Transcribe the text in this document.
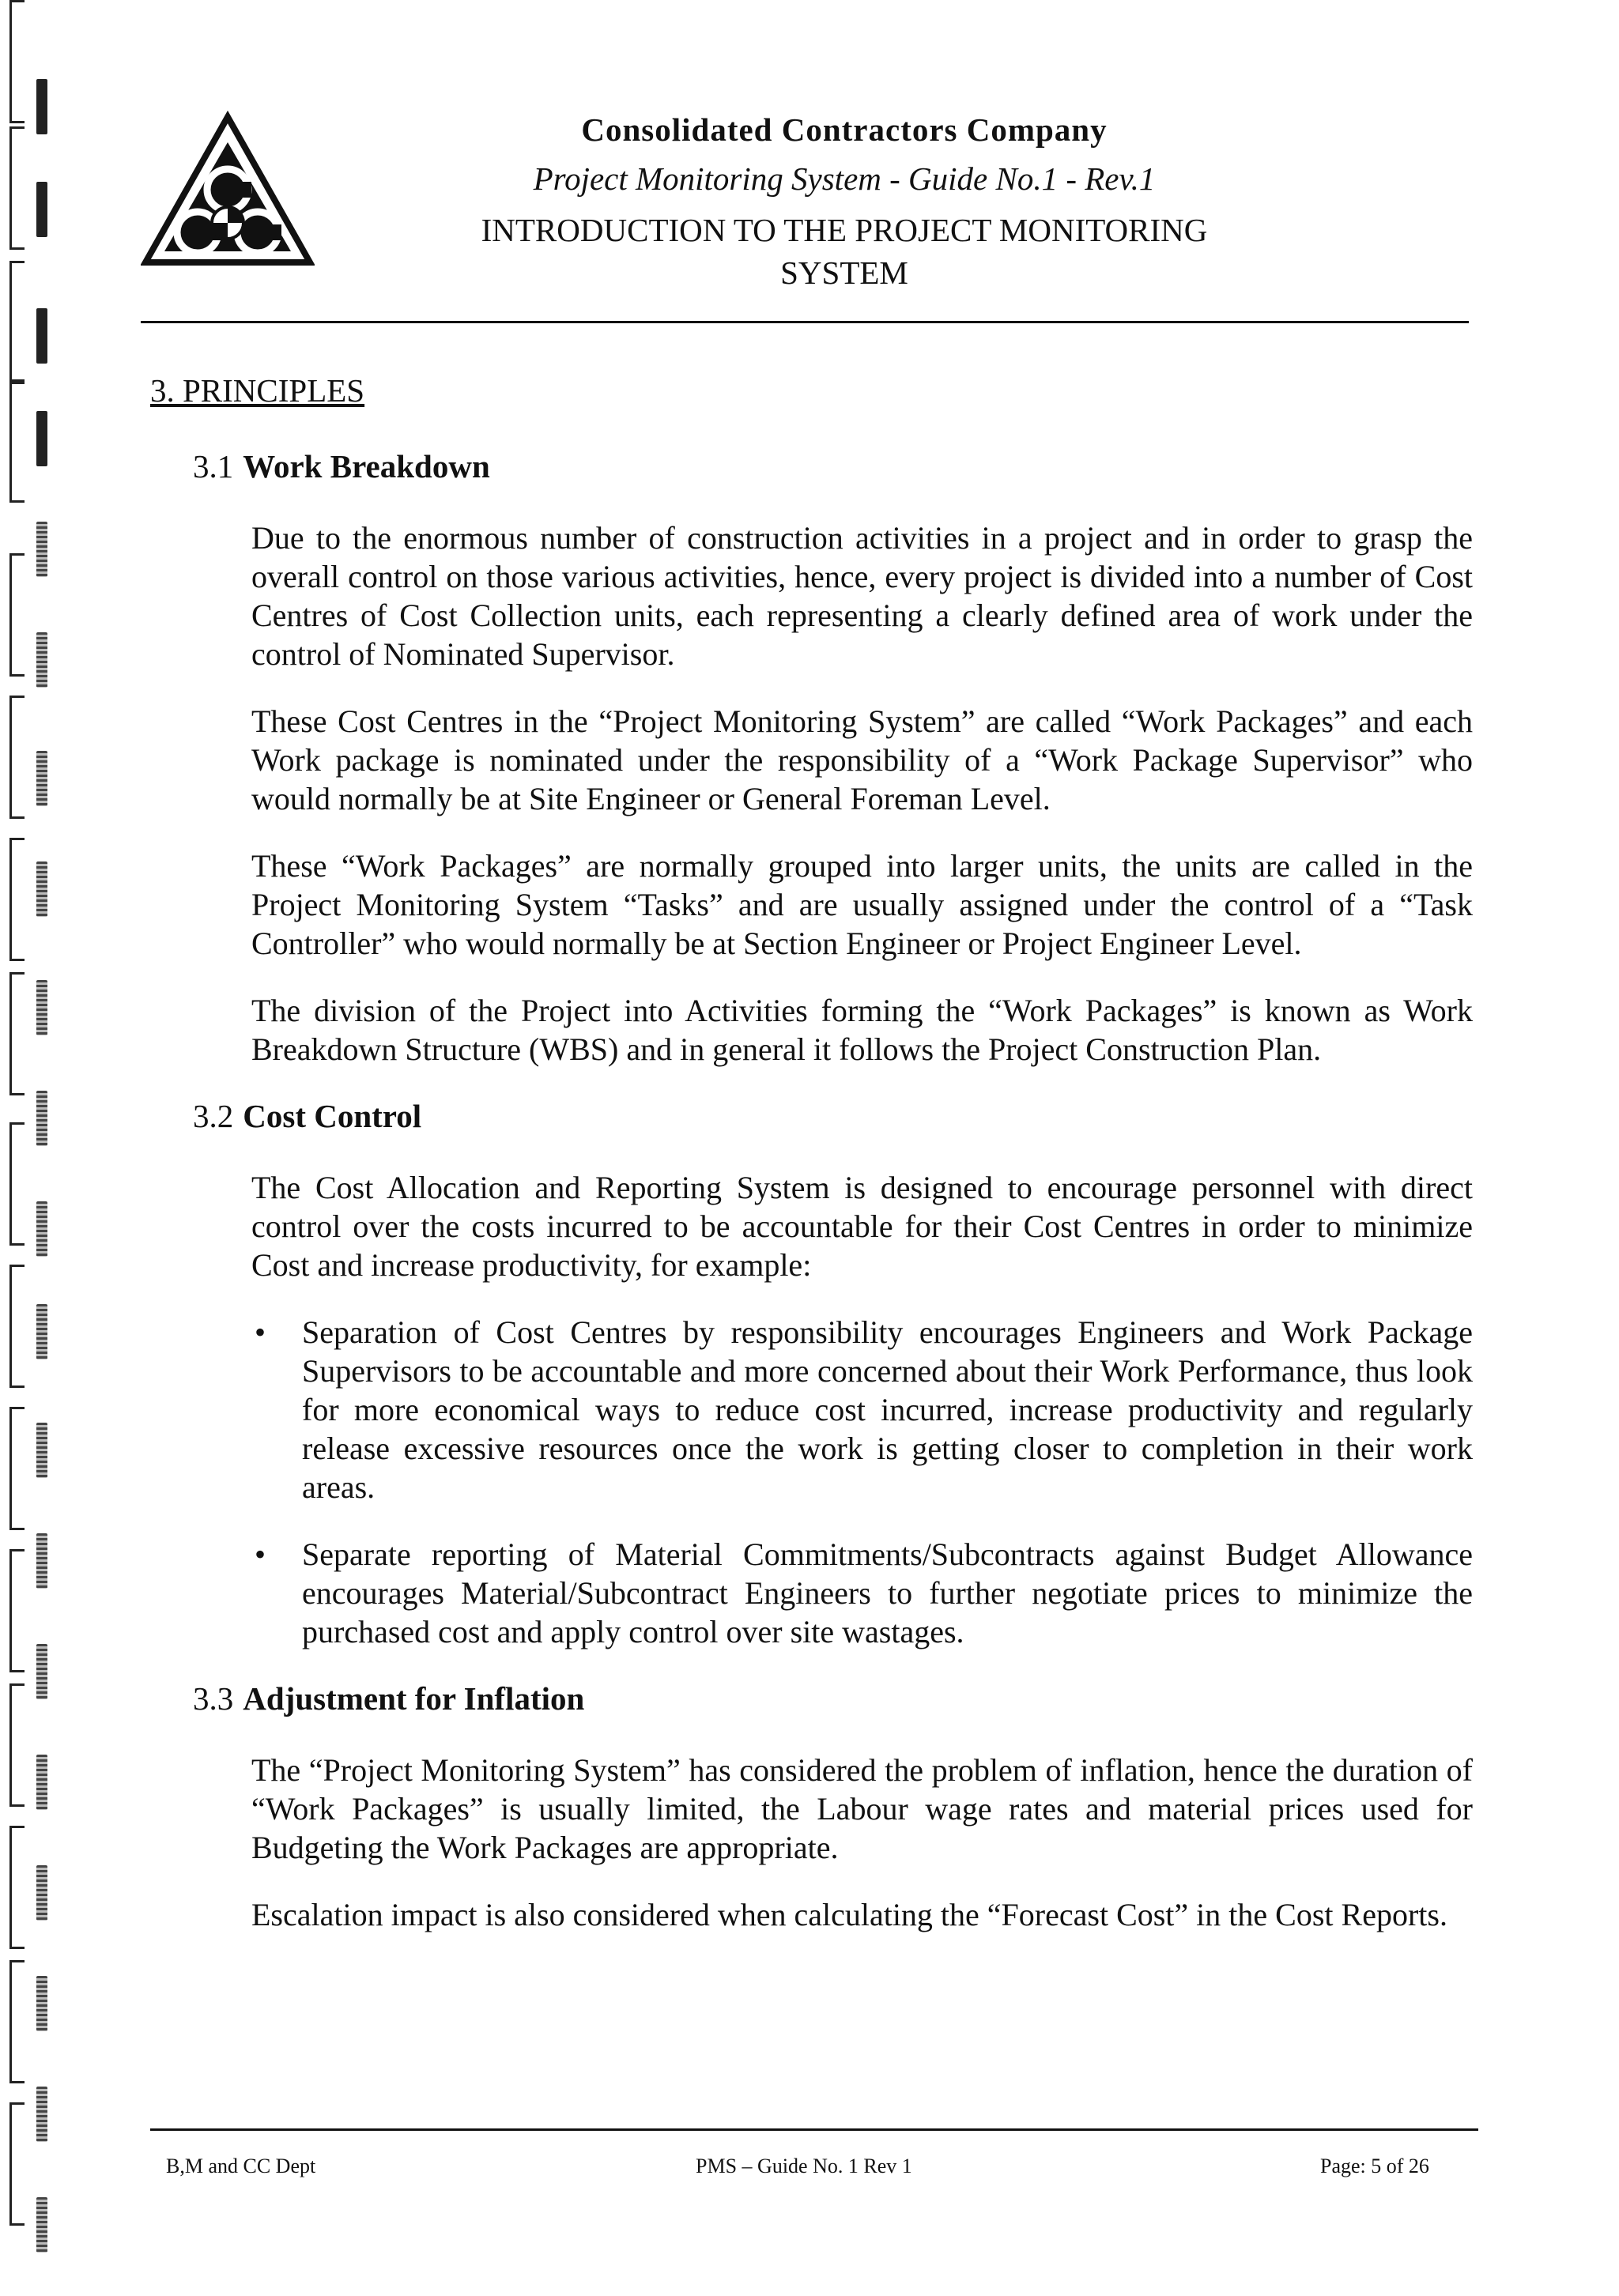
Consolidated Contractors Company

Project Monitoring System - Guide No.1 - Rev.1

INTRODUCTION TO THE PROJECT MONITORING
SYSTEM

3. PRINCIPLES

3.1 Work Breakdown

Due to the enormous number of construction activities in a project and in order to grasp the overall control on those various activities, hence, every project is divided into a number of Cost Centres of Cost Collection units, each representing a clearly defined area of work under the control of Nominated Supervisor.

These Cost Centres in the “Project Monitoring System” are called “Work Packages” and each Work package is nominated under the responsibility of a “Work Package Supervisor” who would normally be at Site Engineer or General Foreman Level.

These “Work Packages” are normally grouped into larger units, the units are called in the Project Monitoring System “Tasks” and are usually assigned under the control of a “Task Controller” who would normally be at Section Engineer or Project Engineer Level.

The division of the Project into Activities forming the “Work Packages” is known as Work Breakdown Structure (WBS) and in general it follows the Project Construction Plan.

3.2 Cost Control

The Cost Allocation and Reporting System is designed to encourage personnel with direct control over the costs incurred to be accountable for their Cost Centres in order to minimize Cost and increase productivity, for example:

• Separation of Cost Centres by responsibility encourages Engineers and Work Package Supervisors to be accountable and more concerned about their Work Performance, thus look for more economical ways to reduce cost incurred, increase productivity and regularly release excessive resources once the work is getting closer to completion in their work areas.
• Separate reporting of Material Commitments/Subcontracts against Budget Allowance encourages Material/Subcontract Engineers to further negotiate prices to minimize the purchased cost and apply control over site wastages.

3.3 Adjustment for Inflation

The “Project Monitoring System” has considered the problem of inflation, hence the duration of “Work Packages” is usually limited, the Labour wage rates and material prices used for Budgeting the Work Packages are appropriate.

Escalation impact is also considered when calculating the “Forecast Cost” in the Cost Reports.

B,M and CC Dept	PMS – Guide No. 1 Rev 1	Page: 5 of 26
